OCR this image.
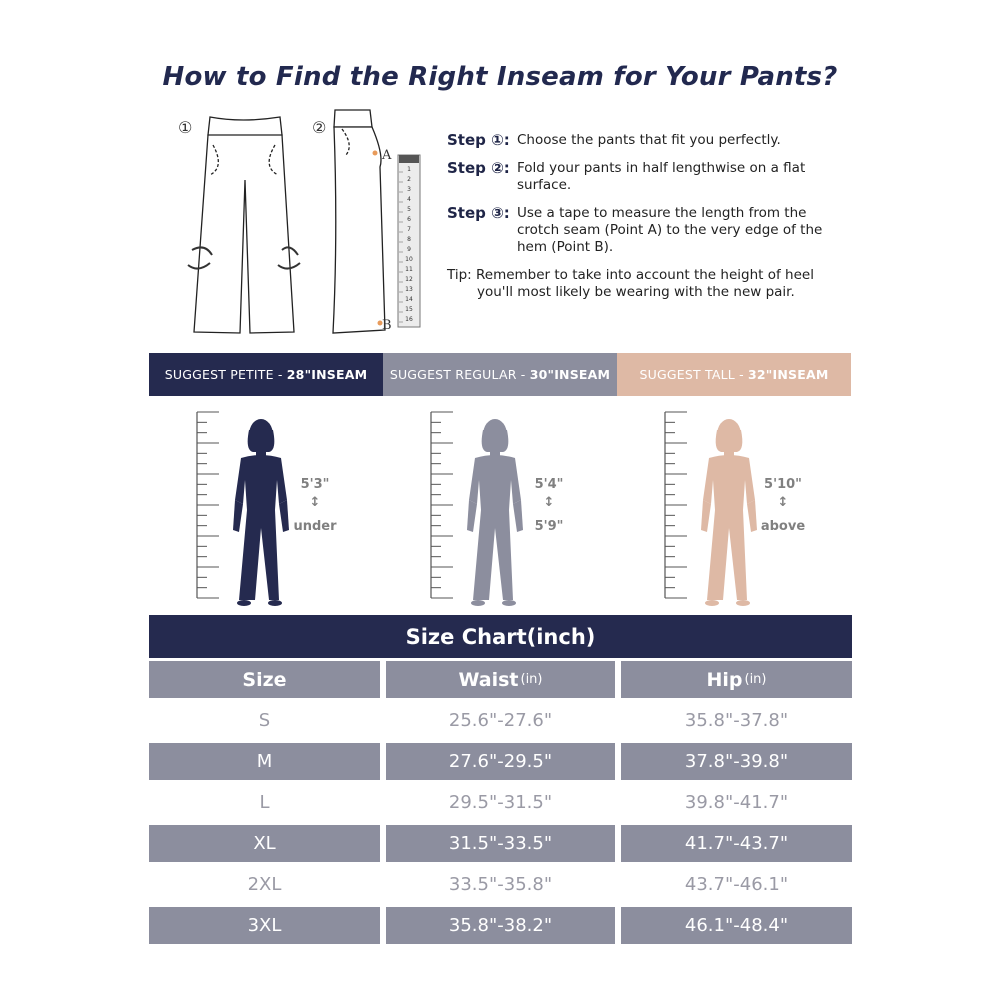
How to Find the Right Inseam for Your Pants?
①	②
A
B
1
2
3
4
5
6
7
8
9
10
11
12
13
14
15
16
Step ①: Choose the pants that fit you perfectly.
Step ②: Fold your pants in half lengthwise on a flat surface.
Step ③: Use a tape to measure the length from the crotch seam (Point A) to the very edge of the hem (Point B).
Tip: Remember to take into account the height of heel
you'll most likely be wearing with the new pair.
SUGGEST PETITE -
28"INSEAM SUGGEST REGULAR -
30"INSEAM SUGGEST TALL -
32"INSEAM
5'3"
↕
under
5'4"
↕
5'9"
5'10"
↕
above
Size Chart(inch)
Size	Waist (in)	Hip (in)
S	25.6"-27.6"	35.8"-37.8"
M	27.6"-29.5"	37.8"-39.8"
L	29.5"-31.5"	39.8"-41.7"
XL	31.5"-33.5"	41.7"-43.7"
2XL	33.5"-35.8"	43.7"-46.1"
3XL	35.8"-38.2"	46.1"-48.4"
